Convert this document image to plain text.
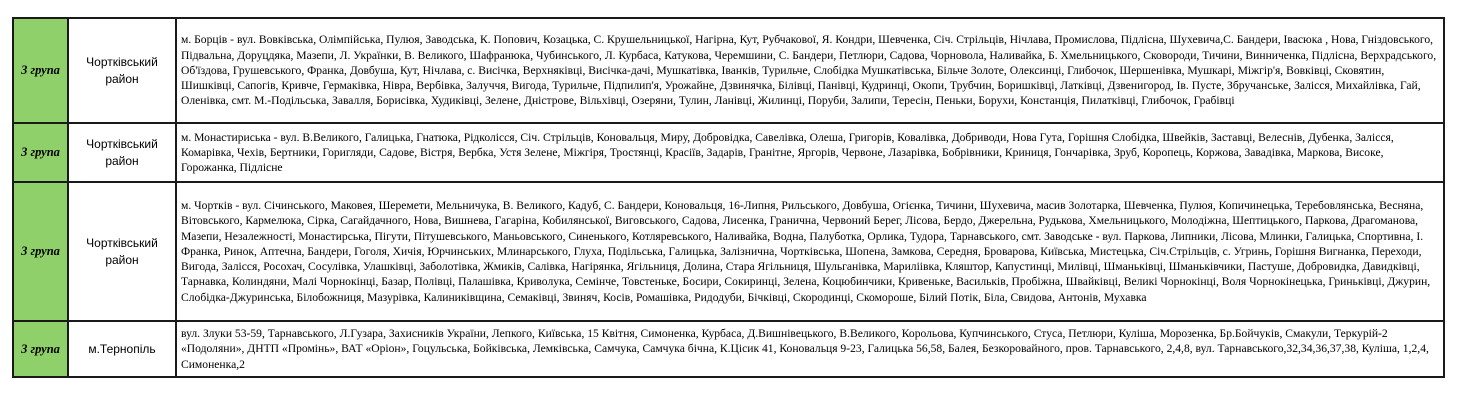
3 група	Чортківський район	м. Борців - вул. Вовківська, Олімпійська, Пулюя, Заводська, К. Попович, Козацька, С. Крушельницької, Нагірна, Кут, Рубчакової, Я. Кондри, Шевченка, Січ. Стрільців, Нічлава, Промислова, Підлісна, Шухевича,С. Бандери, Івасюка , Нова, Гніздовського, Підвальна, Доруцдяка, Мазепи, Л. Українки, В. Великого, Шафранюка, Чубинського, Л. Курбаса, Катукова, Черемшини, С. Бандери, Петлюри, Садова, Чорновола, Наливайка, Б. Хмельницького, Сковороди, Тичини, Винниченка, Підлісна, Верхрадського, Об'їздова, Грушевського, Франка, Довбуша, Кут, Нічлава, с. Висічка, Верхняківці, Висічка-дачі, Мушкатівка, Іванків, Турильче, Слобідка Мушкатівська, Більче Золоте, Олексинці, Глибочок, Шершенівка, Мушкарі, Міжгір'я, Вовківці, Сковятин, Шишківці, Сапогів, Кривче, Гермаківка, Нівра, Вербівка, Залуччя, Вигода, Турильче, Підпилип'я, Урожайне, Дзвинячка, Білівці, Панівці, Кудринці, Окопи, Трубчин, Боришківці, Латківці, Дзвенигород, Ів. Пусте, Збручанське, Залісся, Михайлівка, Гай, Оленівка, смт. М.-Подільська, Завалля, Борисівка, Худиківці, Зелене, Дністрове, Вільхівці, Озеряни, Тулин, Ланівці, Жилинці, Поруби, Залипи, Тересін, Пеньки, Борухи, Констанція, Пилатківці, Глибочок, Грабівці
3 група	Чортківський район	м. Монастириська - вул. В.Великого, Галицька, Гнатюка, Рідколісся, Січ. Стрільців, Коновальця, Миру, Добровідка, Савелівка, Олеша, Григорів, Ковалівка, Добриводи, Нова Гута, Горішня Слобідка, Швейків, Заставці, Велеснів, Дубенка, Залісся, Комарівка, Чехів, Бертники, Горигляди, Садове, Вістря, Вербка, Устя Зелене, Міжгіря, Тростянці, Красіїв, Задарів, Гранітне, Яргорів, Червоне, Лазарівка, Бобрівники, Криниця, Гончарівка, Зруб, Коропець, Коржова, Завадівка, Маркова, Високе, Горожанка, Підлісне
3 група	Чортківський район	м. Чортків - вул. Січинського, Маковея, Шеремети, Мельничука, В. Великого, Кадуб, С. Бандери, Коновальця, 16-Липня, Рильського, Довбуша, Огієнка, Тичини, Шухевича, масив Золотарка, Шевченка, Пулюя, Копичинецька, Теребовлянська, Весняна, Вітовського, Кармелюка, Сірка, Сагайдачного, Нова, Вишнева, Гагаріна, Кобилянської, Виговського, Садова, Лисенка, Гранична, Червоний Берег, Лісова, Бердо, Джерельна, Рудькова, Хмельницького, Молодіжна, Шептицького, Паркова, Драгоманова, Мазепи, Незалежності, Монастирська, Пігути, Пітушевського, Маньовського, Синенького, Котляревського, Наливайка, Водна, Палуботка, Орлика, Тудора, Тарнавського, смт. Заводське - вул. Паркова, Липники, Лісова, Млинки, Галицька, Спортивна, І. Франка, Ринок, Аптечна, Бандери, Гоголя, Хичія, Юрчинських, Млинарського, Глуха, Подільська, Галицька, Залізнична, Чортківська, Шопена, Замкова, Середня, Броварова, Київська, Мистецька, Січ.Стрільців, с. Угринь, Горішня Вигнанка, Переходи, Вигода, Залісся, Росохач, Сосулівка, Улашківці, Заболотівка, Жмиків, Салівка, Нагірянка, Ягільниця, Долина, Стара Ягільниця, Шульганівка, Мариліівка, Кляштор, Капустинці, Милівці, Шманьківці, Шманьківчики, Пастуше, Добровидка, Давидківці, Тарнавка, Колиндяни, Малі Чорнокінці, Базар, Полівці, Палашівка, Криволука, Семінче, Товстеньке, Босири, Сокиринці, Зелена, Коцюбинчики, Кривеньке, Васильків, Пробіжна, Швайківці, Великі Чорнокінці, Воля Чорнокінецька, Гриньківці, Джурин, Слобідка-Джуринська, Білобожниця, Мазурівка, Калиниківщина, Семаківці, Звиняч, Косів, Ромашівка, Ридодуби, Бічківці, Скородинці, Скомороше, Білий Потік, Біла, Свидова, Антонів, Мухавка
3 група	м.Тернопіль	вул. Злуки 53-59, Тарнавського, Л.Гузара, Захисників України, Лепкого, Київська, 15 Квітня, Симоненка, Курбаса, Д.Вишнівецького, В.Великого, Корольова, Купчинського, Стуса, Петлюри, Куліша, Морозенка, Бр.Бойчуків, Смакули, Теркурій-2 «Подоляни», ДНТП «Промінь», ВАТ «Оріон», Гоцульська, Бойківська, Лемківська, Самчука, Самчука бічна, К.Цісик 41, Коновальця 9-23, Галицька 56,58, Балея, Безкоровайного, пров. Тарнавського, 2,4,8, вул. Тарнавського,32,34,36,37,38, Куліша, 1,2,4, Симоненка,2
